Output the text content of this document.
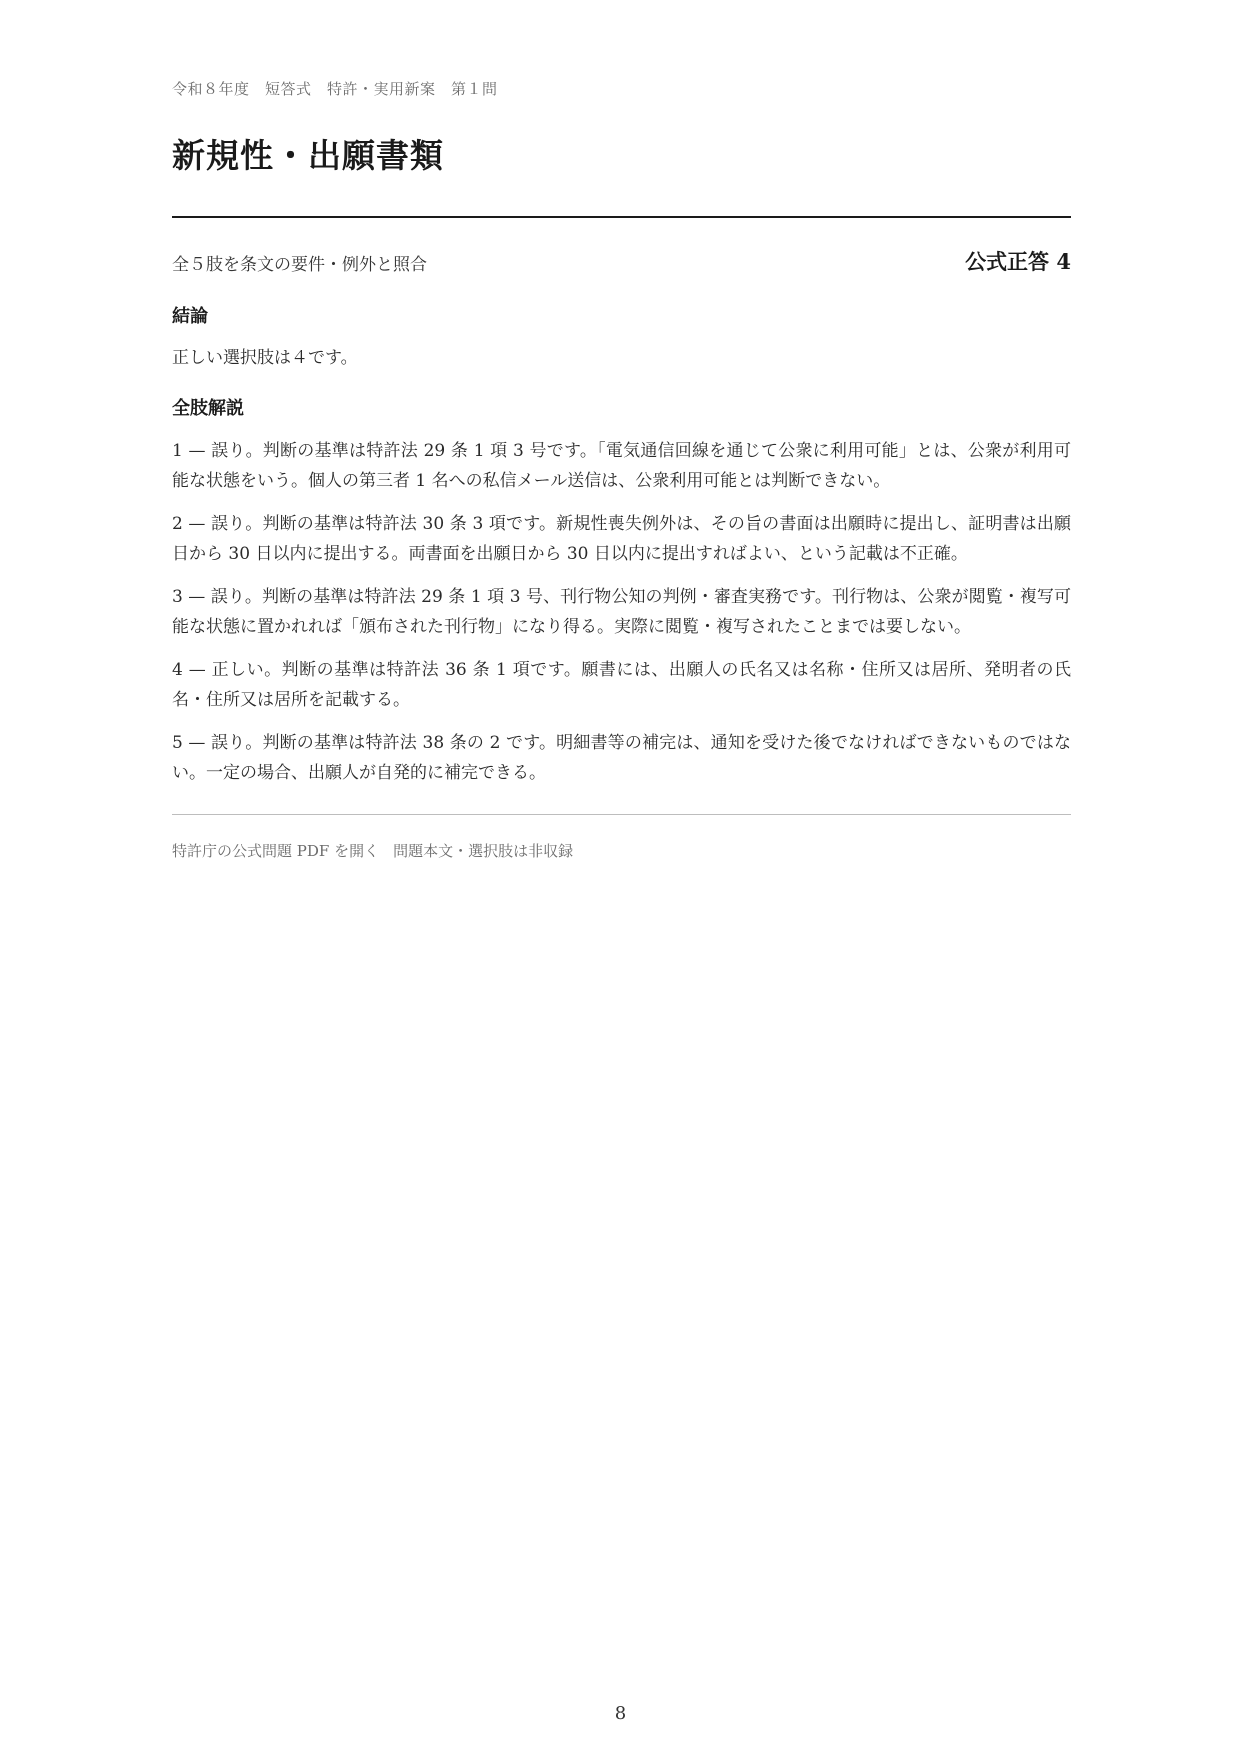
令和８年度　短答式　特許・実用新案　第１問
新規性・出願書類
全５肢を条文の要件・例外と照合	公式正答 4
結論

正しい選択肢は４です。

全肢解説
1 — 誤り。判断の基準は特許法 29 条 1 項 3 号です。「電気通信回線を通じて公衆に利用可能」とは、公衆が利用可能な状態をいう。個人の第三者 1 名への私信メール送信は、公衆利用可能とは判断できない。
2 — 誤り。判断の基準は特許法 30 条 3 項です。新規性喪失例外は、その旨の書面は出願時に提出し、証明書は出願日から 30 日以内に提出する。両書面を出願日から 30 日以内に提出すればよい、という記載は不正確。
3 — 誤り。判断の基準は特許法 29 条 1 項 3 号、刊行物公知の判例・審査実務です。刊行物は、公衆が閲覧・複写可能な状態に置かれれば「頒布された刊行物」になり得る。実際に閲覧・複写されたことまでは要しない。
4 — 正しい。判断の基準は特許法 36 条 1 項です。願書には、出願人の氏名又は名称・住所又は居所、発明者の氏名・住所又は居所を記載する。
5 — 誤り。判断の基準は特許法 38 条の 2 です。明細書等の補完は、通知を受けた後でなければできないものではない。一定の場合、出願人が自発的に補完できる。
特許庁の公式問題 PDF を開く 問題本文・選択肢は非収録
8
